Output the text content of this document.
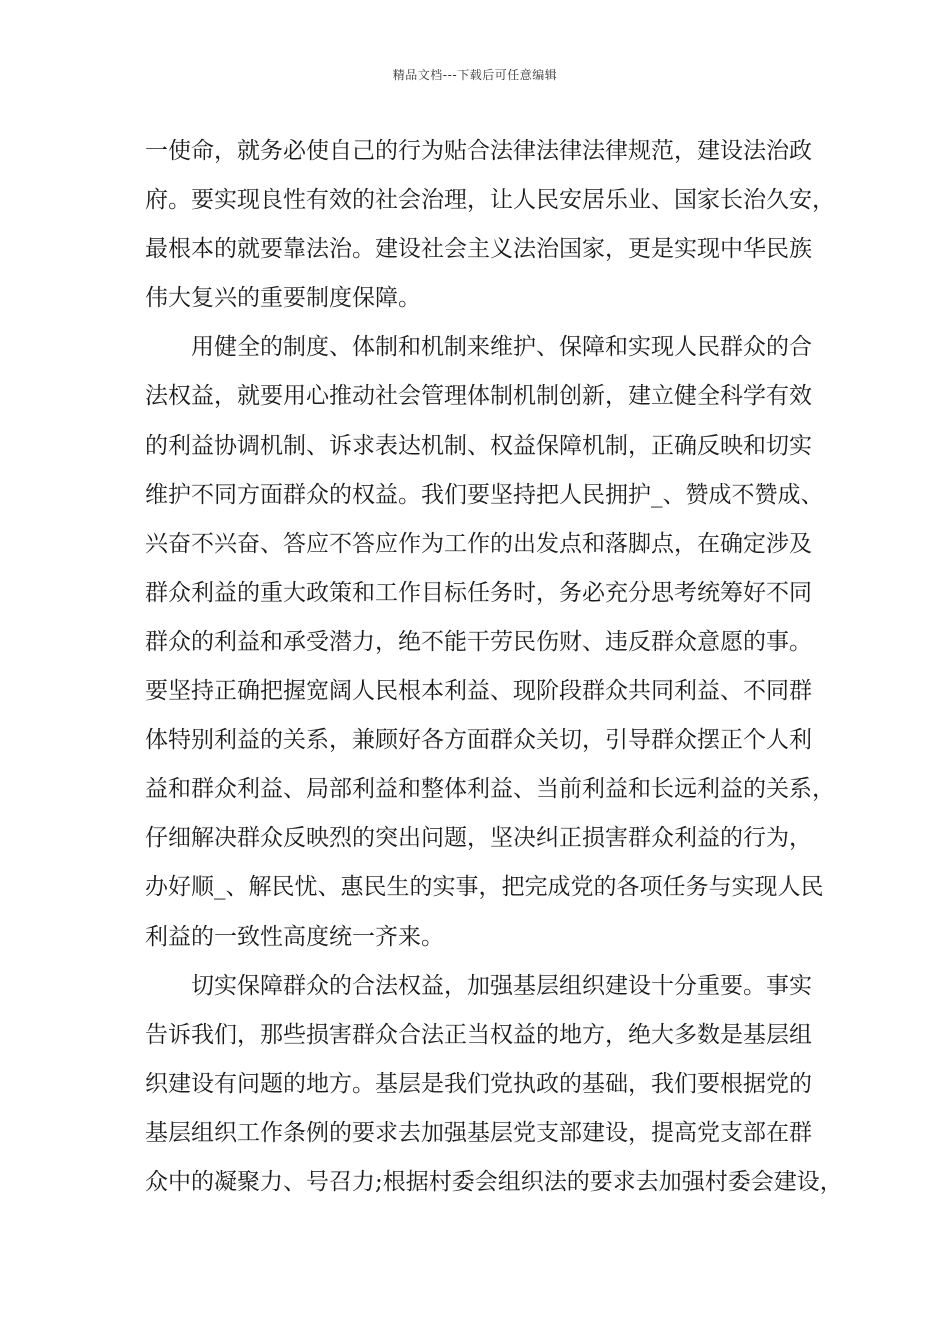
精品文档---下载后可任意编辑
一使命，就务必使自己的行为贴合法律法律法律规范，建设法治政
府。要实现良性有效的社会治理，让人民安居乐业、国家长治久安，
最根本的就要靠法治。建设社会主义法治国家，更是实现中华民族
伟大复兴的重要制度保障。
用健全的制度、体制和机制来维护、保障和实现人民群众的合
法权益，就要用心推动社会管理体制机制创新，建立健全科学有效
的利益协调机制、诉求表达机制、权益保障机制，正确反映和切实
维护不同方面群众的权益。我们要坚持把人民拥护_、赞成不赞成、
兴奋不兴奋、答应不答应作为工作的出发点和落脚点，在确定涉及
群众利益的重大政策和工作目标任务时，务必充分思考统筹好不同
群众的利益和承受潜力，绝不能干劳民伤财、违反群众意愿的事。
要坚持正确把握宽阔人民根本利益、现阶段群众共同利益、不同群
体特别利益的关系，兼顾好各方面群众关切，引导群众摆正个人利
益和群众利益、局部利益和整体利益、当前利益和长远利益的关系，
仔细解决群众反映烈的突出问题，坚决纠正损害群众利益的行为，
办好顺_、解民忧、惠民生的实事，把完成党的各项任务与实现人民
利益的一致性高度统一齐来。
切实保障群众的合法权益，加强基层组织建设十分重要。事实
告诉我们，那些损害群众合法正当权益的地方，绝大多数是基层组
织建设有问题的地方。基层是我们党执政的基础，我们要根据党的
基层组织工作条例的要求去加强基层党支部建设，提高党支部在群
众中的凝聚力、号召力;根据村委会组织法的要求去加强村委会建设，
